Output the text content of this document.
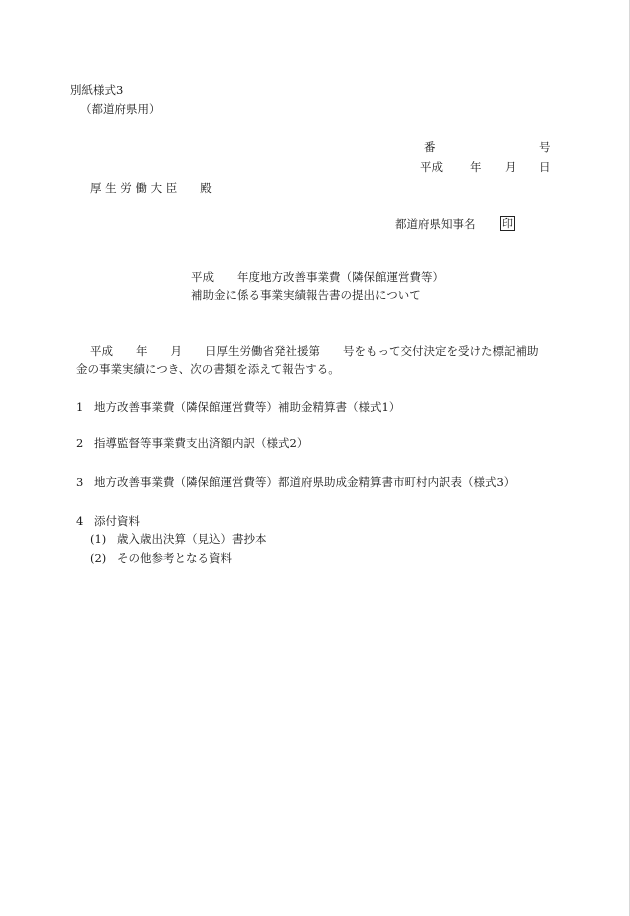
別紙様式3
（都道府県用）
番	号
平成 年 月 日
厚 生 労 働 大 臣　　殿
都道府県知事名 印
平成　　年度地方改善事業費（隣保館運営費等）
補助金に係る事業実績報告書の提出について
平成　　年　　月　　日厚生労働省発社援第　　号をもって交付決定を受けた標記補助
金の事業実績につき、次の書類を添えて報告する。
1 地方改善事業費（隣保館運営費等）補助金精算書（様式1）
2 指導監督等事業費支出済額内訳（様式2）
3 地方改善事業費（隣保館運営費等）都道府県助成金精算書市町村内訳表（様式3）
4 添付資料
(1) 歳入歳出決算（見込）書抄本
(2) その他参考となる資料
